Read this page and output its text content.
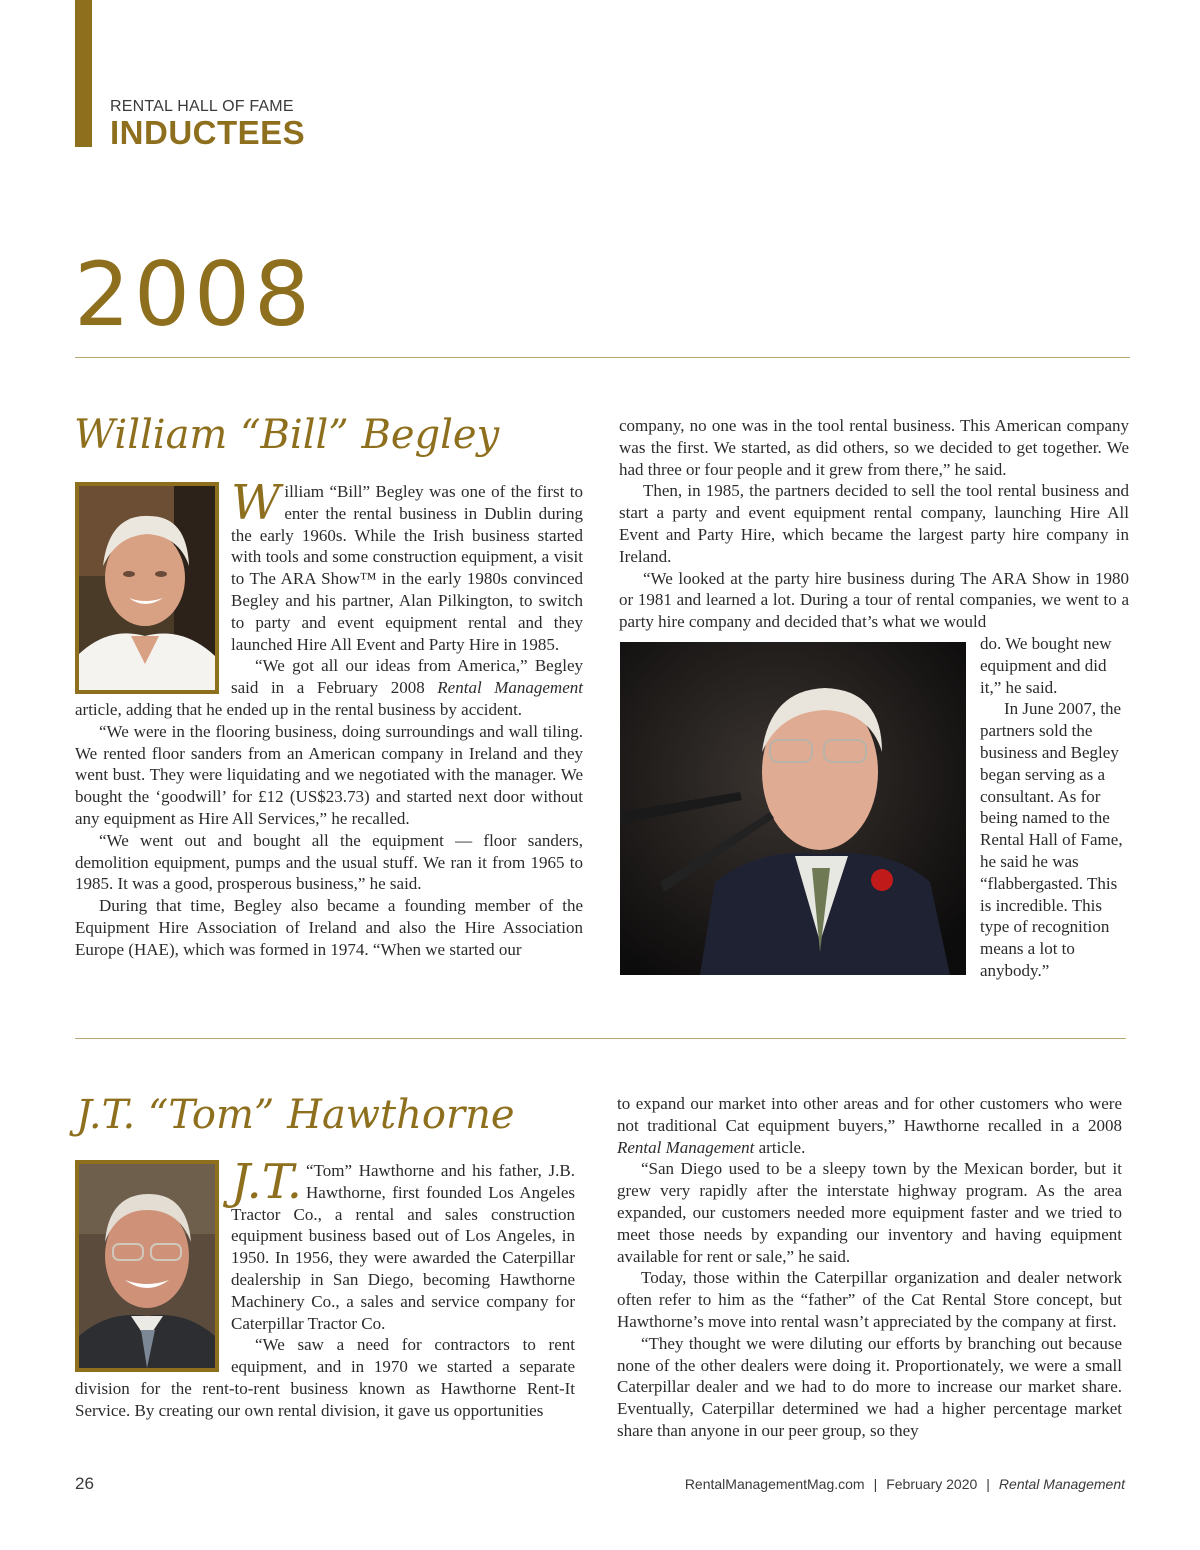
RENTAL HALL OF FAME
INDUCTEES
2008
William “Bill” Begley

William “Bill” Begley was one of the first to enter the rental business in Dublin during the early 1960s. While the Irish business started with tools and some construction equipment, a visit to The ARA Show™ in the early 1980s convinced Begley and his partner, Alan Pilkington, to switch to party and event equipment rental and they launched Hire All Event and Party Hire in 1985.

“We got all our ideas from America,” Begley said in a February 2008 Rental Management article, adding that he ended up in the rental business by accident.

“We were in the flooring business, doing surroundings and wall tiling. We rented floor sanders from an American company in Ireland and they went bust. They were liquidating and we negotiated with the manager. We bought the ‘goodwill’ for £12 (US$23.73) and started next door without any equipment as Hire All Services,” he recalled.

“We went out and bought all the equipment — floor sanders, demolition equipment, pumps and the usual stuff. We ran it from 1965 to 1985. It was a good, prosperous business,” he said.

During that time, Begley also became a founding member of the Equipment Hire Association of Ireland and also the Hire Association Europe (HAE), which was formed in 1974. “When we started our

company, no one was in the tool rental business. This American company was the first. We started, as did others, so we decided to get together. We had three or four people and it grew from there,” he said.

Then, in 1985, the partners decided to sell the tool rental business and start a party and event equipment rental company, launching Hire All Event and Party Hire, which became the largest party hire company in Ireland.

“We looked at the party hire business during The ARA Show in 1980 or 1981 and learned a lot. During a tour of rental companies, we went to a party hire company and decided that’s what we would

do. We bought new equipment and did it,” he said.

In June 2007, the partners sold the business and Begley began serving as a consultant. As for being named to the Rental Hall of Fame, he said he was “flabbergasted. This is incredible. This type of recognition means a lot to anybody.”

J.T. “Tom” Hawthorne

J.T. “Tom” Hawthorne and his father, J.B. Hawthorne, first founded Los Angeles Tractor Co., a rental and sales construction equipment business based out of Los Angeles, in 1950. In 1956, they were awarded the Caterpillar dealership in San Diego, becoming Hawthorne Machinery Co., a sales and service company for Caterpillar Tractor Co.

“We saw a need for contractors to rent equipment, and in 1970 we started a separate division for the rent-to-rent business known as Hawthorne Rent-It Service. By creating our own rental division, it gave us opportunities

to expand our market into other areas and for other customers who were not traditional Cat equipment buyers,” Hawthorne recalled in a 2008 Rental Management article.

“San Diego used to be a sleepy town by the Mexican border, but it grew very rapidly after the interstate highway program. As the area expanded, our customers needed more equipment faster and we tried to meet those needs by expanding our inventory and having equipment available for rent or sale,” he said.

Today, those within the Caterpillar organization and dealer network often refer to him as the “father” of the Cat Rental Store concept, but Hawthorne’s move into rental wasn’t appreciated by the company at first.

“They thought we were diluting our efforts by branching out because none of the other dealers were doing it. Proportionately, we were a small Caterpillar dealer and we had to do more to increase our market share. Eventually, Caterpillar determined we had a higher percentage market share than anyone in our peer group, so they

26	RentalManagementMag.com | February 2020 | Rental Management
